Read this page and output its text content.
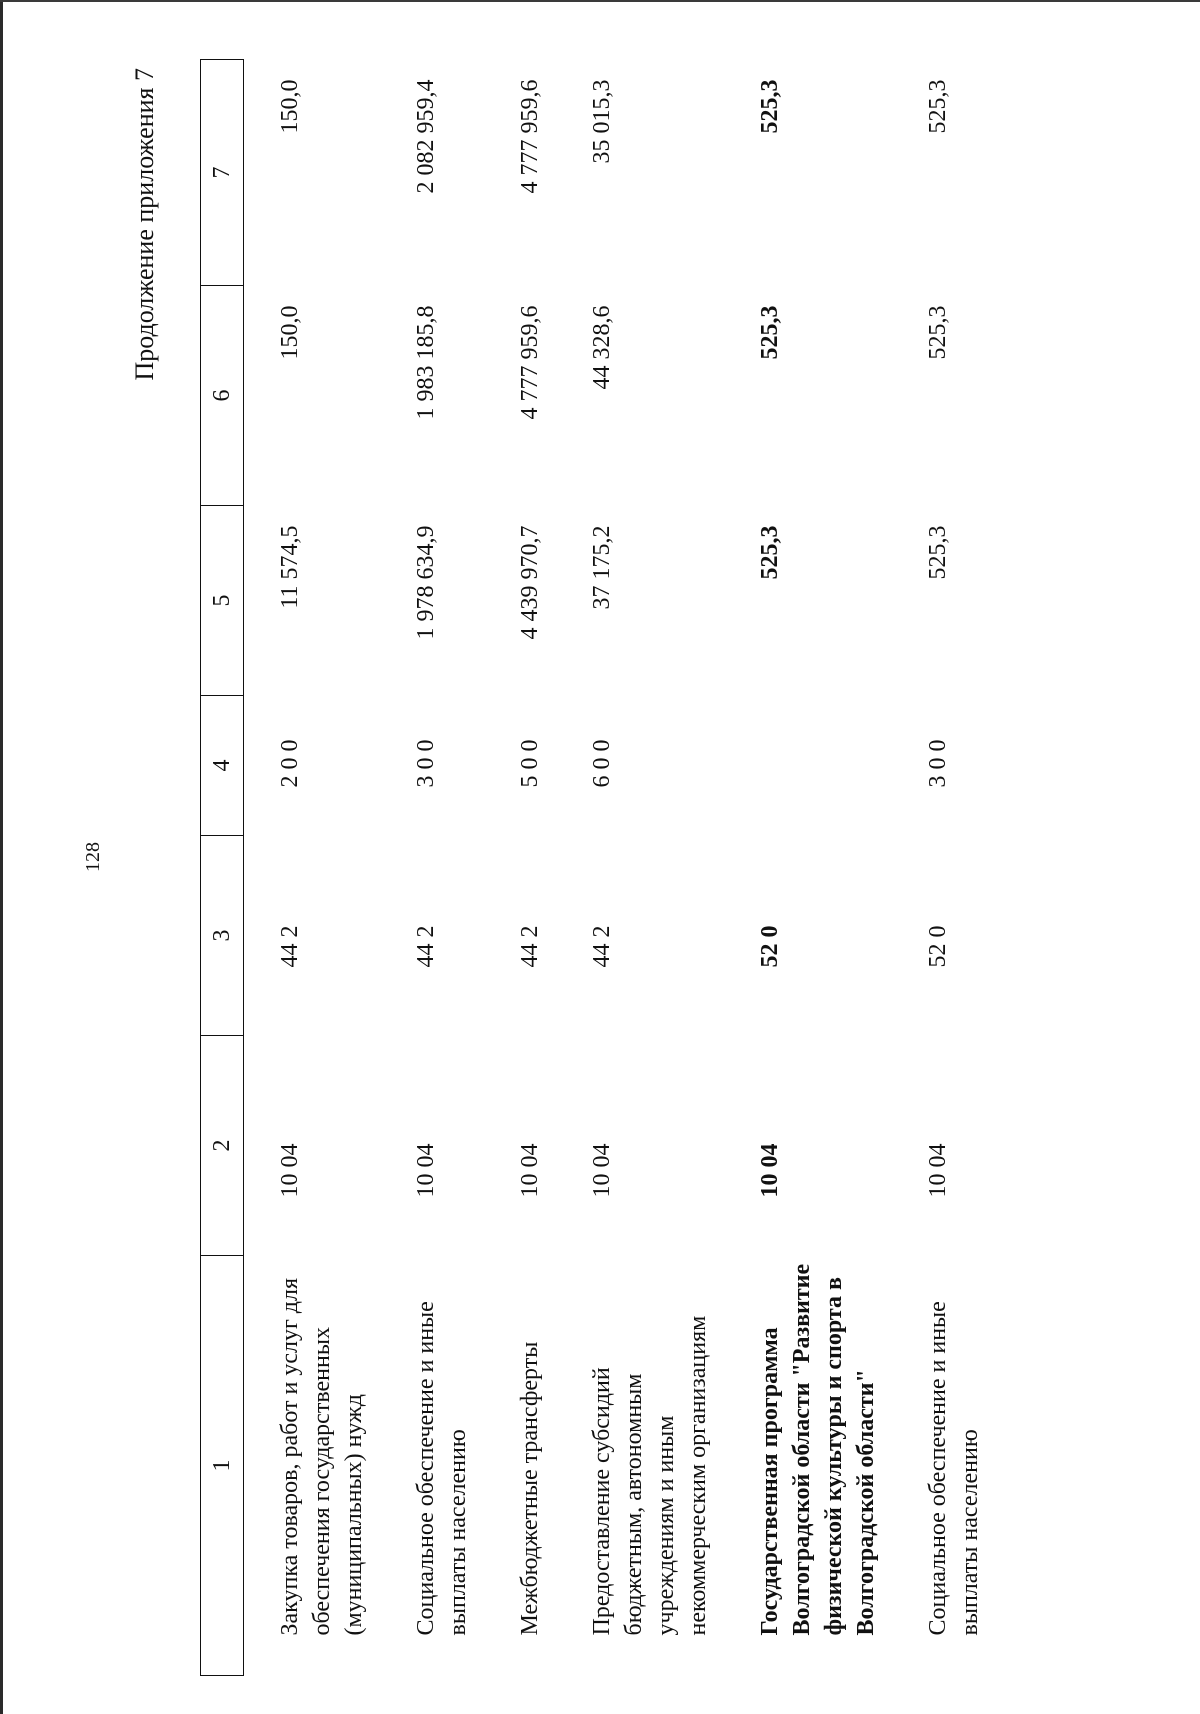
128
Продолжение приложения 7
1	2	3	4	5	6	7
Закупка товаров, работ и услуг для обеспечения государственных (муниципальных) нужд	10 04	44 2	2 0 0	11 574,5	150,0	150,0
Социальное обеспечение и иные выплаты населению	10 04	44 2	3 0 0	1 978 634,9	1 983 185,8	2 082 959,4
Межбюджетные трансферты	10 04	44 2	5 0 0	4 439 970,7	4 777 959,6	4 777 959,6
Предоставление субсидий бюджетным, автономным учреждениям и иным некоммерческим организациям	10 04	44 2	6 0 0	37 175,2	44 328,6	35 015,3
Государственная программа Волгоградской области "Развитие физической культуры и спорта в Волгоградской области"	10 04	52 0		525,3	525,3	525,3
Социальное обеспечение и иные выплаты населению	10 04	52 0	3 0 0	525,3	525,3	525,3
